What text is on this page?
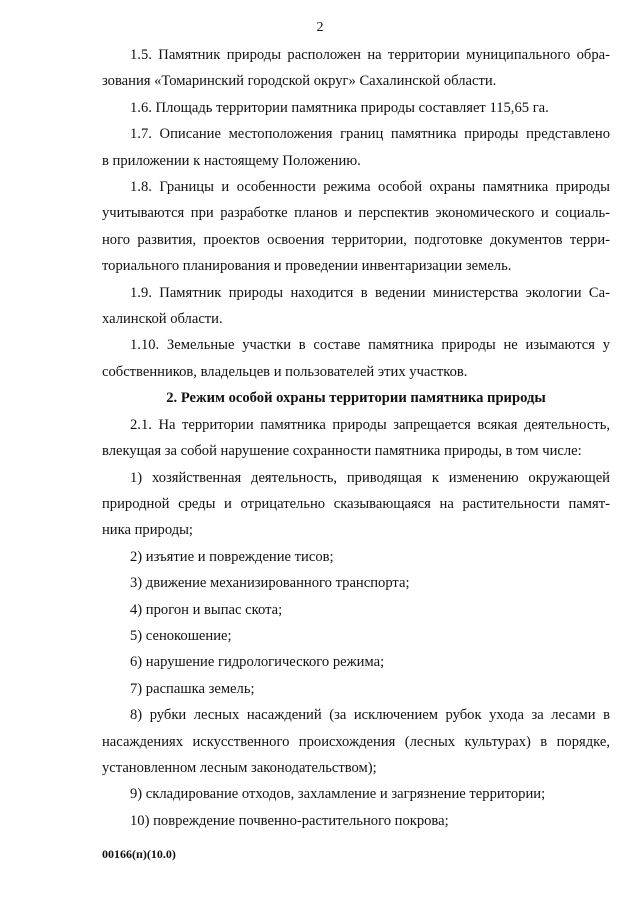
2
1.5. Памятник природы расположен на территории муниципального обра-
зования «Томаринский городской округ» Сахалинской области.
1.6. Площадь территории памятника природы составляет 115,65 га.
1.7. Описание местоположения границ памятника природы представлено
в приложении к настоящему Положению.
1.8. Границы и особенности режима особой охраны памятника природы
учитываются при разработке планов и перспектив экономического и социаль-
ного развития, проектов освоения территории, подготовке документов терри-
ториального планирования и проведении инвентаризации земель.
1.9. Памятник природы находится в ведении министерства экологии Са-
халинской области.
1.10. Земельные участки в составе памятника природы не изымаются у
собственников, владельцев и пользователей этих участков.
2. Режим особой охраны территории памятника природы
2.1. На территории памятника природы запрещается всякая деятельность,
влекущая за собой нарушение сохранности памятника природы, в том числе:
1) хозяйственная деятельность, приводящая к изменению окружающей
природной среды и отрицательно сказывающаяся на растительности памят-
ника природы;
2) изъятие и повреждение тисов;
3) движение механизированного транспорта;
4) прогон и выпас скота;
5) сенокошение;
6) нарушение гидрологического режима;
7) распашка земель;
8) рубки лесных насаждений (за исключением рубок ухода за лесами в
насаждениях искусственного происхождения (лесных культурах) в порядке,
установленном лесным законодательством);
9) складирование отходов, захламление и загрязнение территории;
10) повреждение почвенно-растительного покрова;
00166(п)(10.0)
